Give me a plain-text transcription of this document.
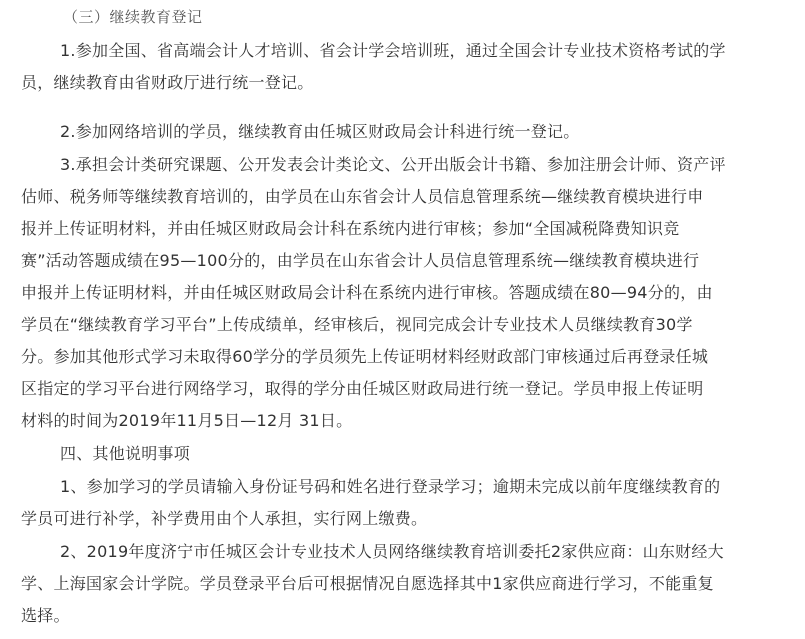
（三）继续教育登记
1.参加全国、省高端会计人才培训、省会计学会培训班，通过全国会计专业技术资格考试的学
员，继续教育由省财政厅进行统一登记。
2.参加网络培训的学员，继续教育由任城区财政局会计科进行统一登记。
3.承担会计类研究课题、公开发表会计类论文、公开出版会计书籍、参加注册会计师、资产评
估师、税务师等继续教育培训的，由学员在山东省会计人员信息管理系统—继续教育模块进行申
报并上传证明材料，并由任城区财政局会计科在系统内进行审核；参加“全国减税降费知识竞
赛”活动答题成绩在95—100分的，由学员在山东省会计人员信息管理系统—继续教育模块进行
申报并上传证明材料，并由任城区财政局会计科在系统内进行审核。答题成绩在80—94分的，由
学员在“继续教育学习平台”上传成绩单，经审核后，视同完成会计专业技术人员继续教育30学
分。参加其他形式学习未取得60学分的学员须先上传证明材料经财政部门审核通过后再登录任城
区指定的学习平台进行网络学习，取得的学分由任城区财政局进行统一登记。学员申报上传证明
材料的时间为2019年11月5日—12月 31日。
四、其他说明事项
1、参加学习的学员请输入身份证号码和姓名进行登录学习；逾期未完成以前年度继续教育的
学员可进行补学，补学费用由个人承担，实行网上缴费。
2、2019年度济宁市任城区会计专业技术人员网络继续教育培训委托2家供应商：山东财经大
学、上海国家会计学院。学员登录平台后可根据情况自愿选择其中1家供应商进行学习，不能重复
选择。
